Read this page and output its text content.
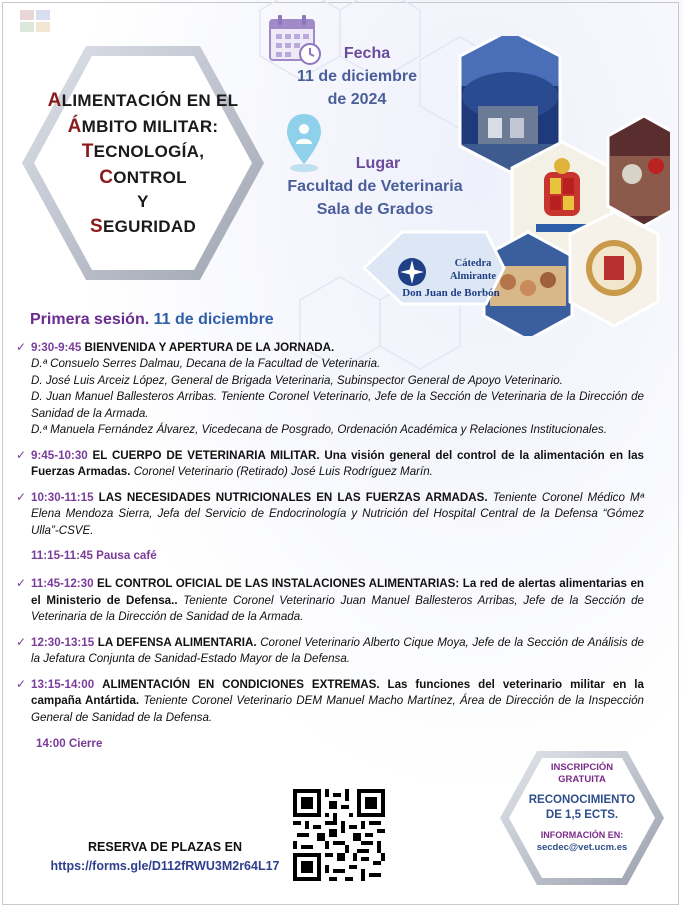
ALIMENTACIÓN EN EL
ÁMBITO MILITAR:
TECNOLOGÍA,
CONTROL
Y
SEGURIDAD
Fecha
11 de diciembre
de 2024
Lugar
Facultad de Veterinaria
Sala de Grados
Cátedra
Almirante
Don Juan de Borbón
Primera sesión. 11 de diciembre
✓ 9:30-9:45 BIENVENIDA Y APERTURA DE LA JORNADA.
D.ª Consuelo Serres Dalmau, Decana de la Facultad de Veterinaria.
D. José Luis Arceiz López, General de Brigada Veterinaria, Subinspector General de Apoyo Veterinario.
D. Juan Manuel Ballesteros Arribas. Teniente Coronel Veterinario, Jefe de la Sección de Veterinaria de la Dirección de Sanidad de la Armada.
D.ª Manuela Fernández Álvarez, Vicedecana de Posgrado, Ordenación Académica y Relaciones Institucionales.
✓ 9:45-10:30 EL CUERPO DE VETERINARIA MILITAR. Una visión general del control de la alimentación en las Fuerzas Armadas. Coronel Veterinario (Retirado) José Luis Rodríguez Marín.
✓ 10:30-11:15 LAS NECESIDADES NUTRICIONALES EN LAS FUERZAS ARMADAS. Teniente Coronel Médico Mª Elena Mendoza Sierra, Jefa del Servicio de Endocrinología y Nutrición del Hospital Central de la Defensa “Gómez Ulla”-CSVE.
11:15-11:45 Pausa café
✓ 11:45-12:30 EL CONTROL OFICIAL DE LAS INSTALACIONES ALIMENTARIAS: La red de alertas alimentarias en el Ministerio de Defensa.. Teniente Coronel Veterinario Juan Manuel Ballesteros Arribas, Jefe de la Sección de Veterinaria de la Dirección de Sanidad de la Armada.
✓ 12:30-13:15 LA DEFENSA ALIMENTARIA. Coronel Veterinario Alberto Cique Moya, Jefe de la Sección de Análisis de la Jefatura Conjunta de Sanidad-Estado Mayor de la Defensa.
✓ 13:15-14:00 ALIMENTACIÓN EN CONDICIONES EXTREMAS. Las funciones del veterinario militar en la campaña Antártida. Teniente Coronel Veterinario DEM Manuel Macho Martínez, Área de Dirección de la Inspección General de Sanidad de la Defensa.
14:00 Cierre
INSCRIPCIÓN
GRATUITA
RECONOCIMIENTO
DE 1,5 ECTS.
INFORMACIÓN EN:
secdec@vet.ucm.es
RESERVA DE PLAZAS EN
https://forms.gle/D112fRWU3M2r64L17
